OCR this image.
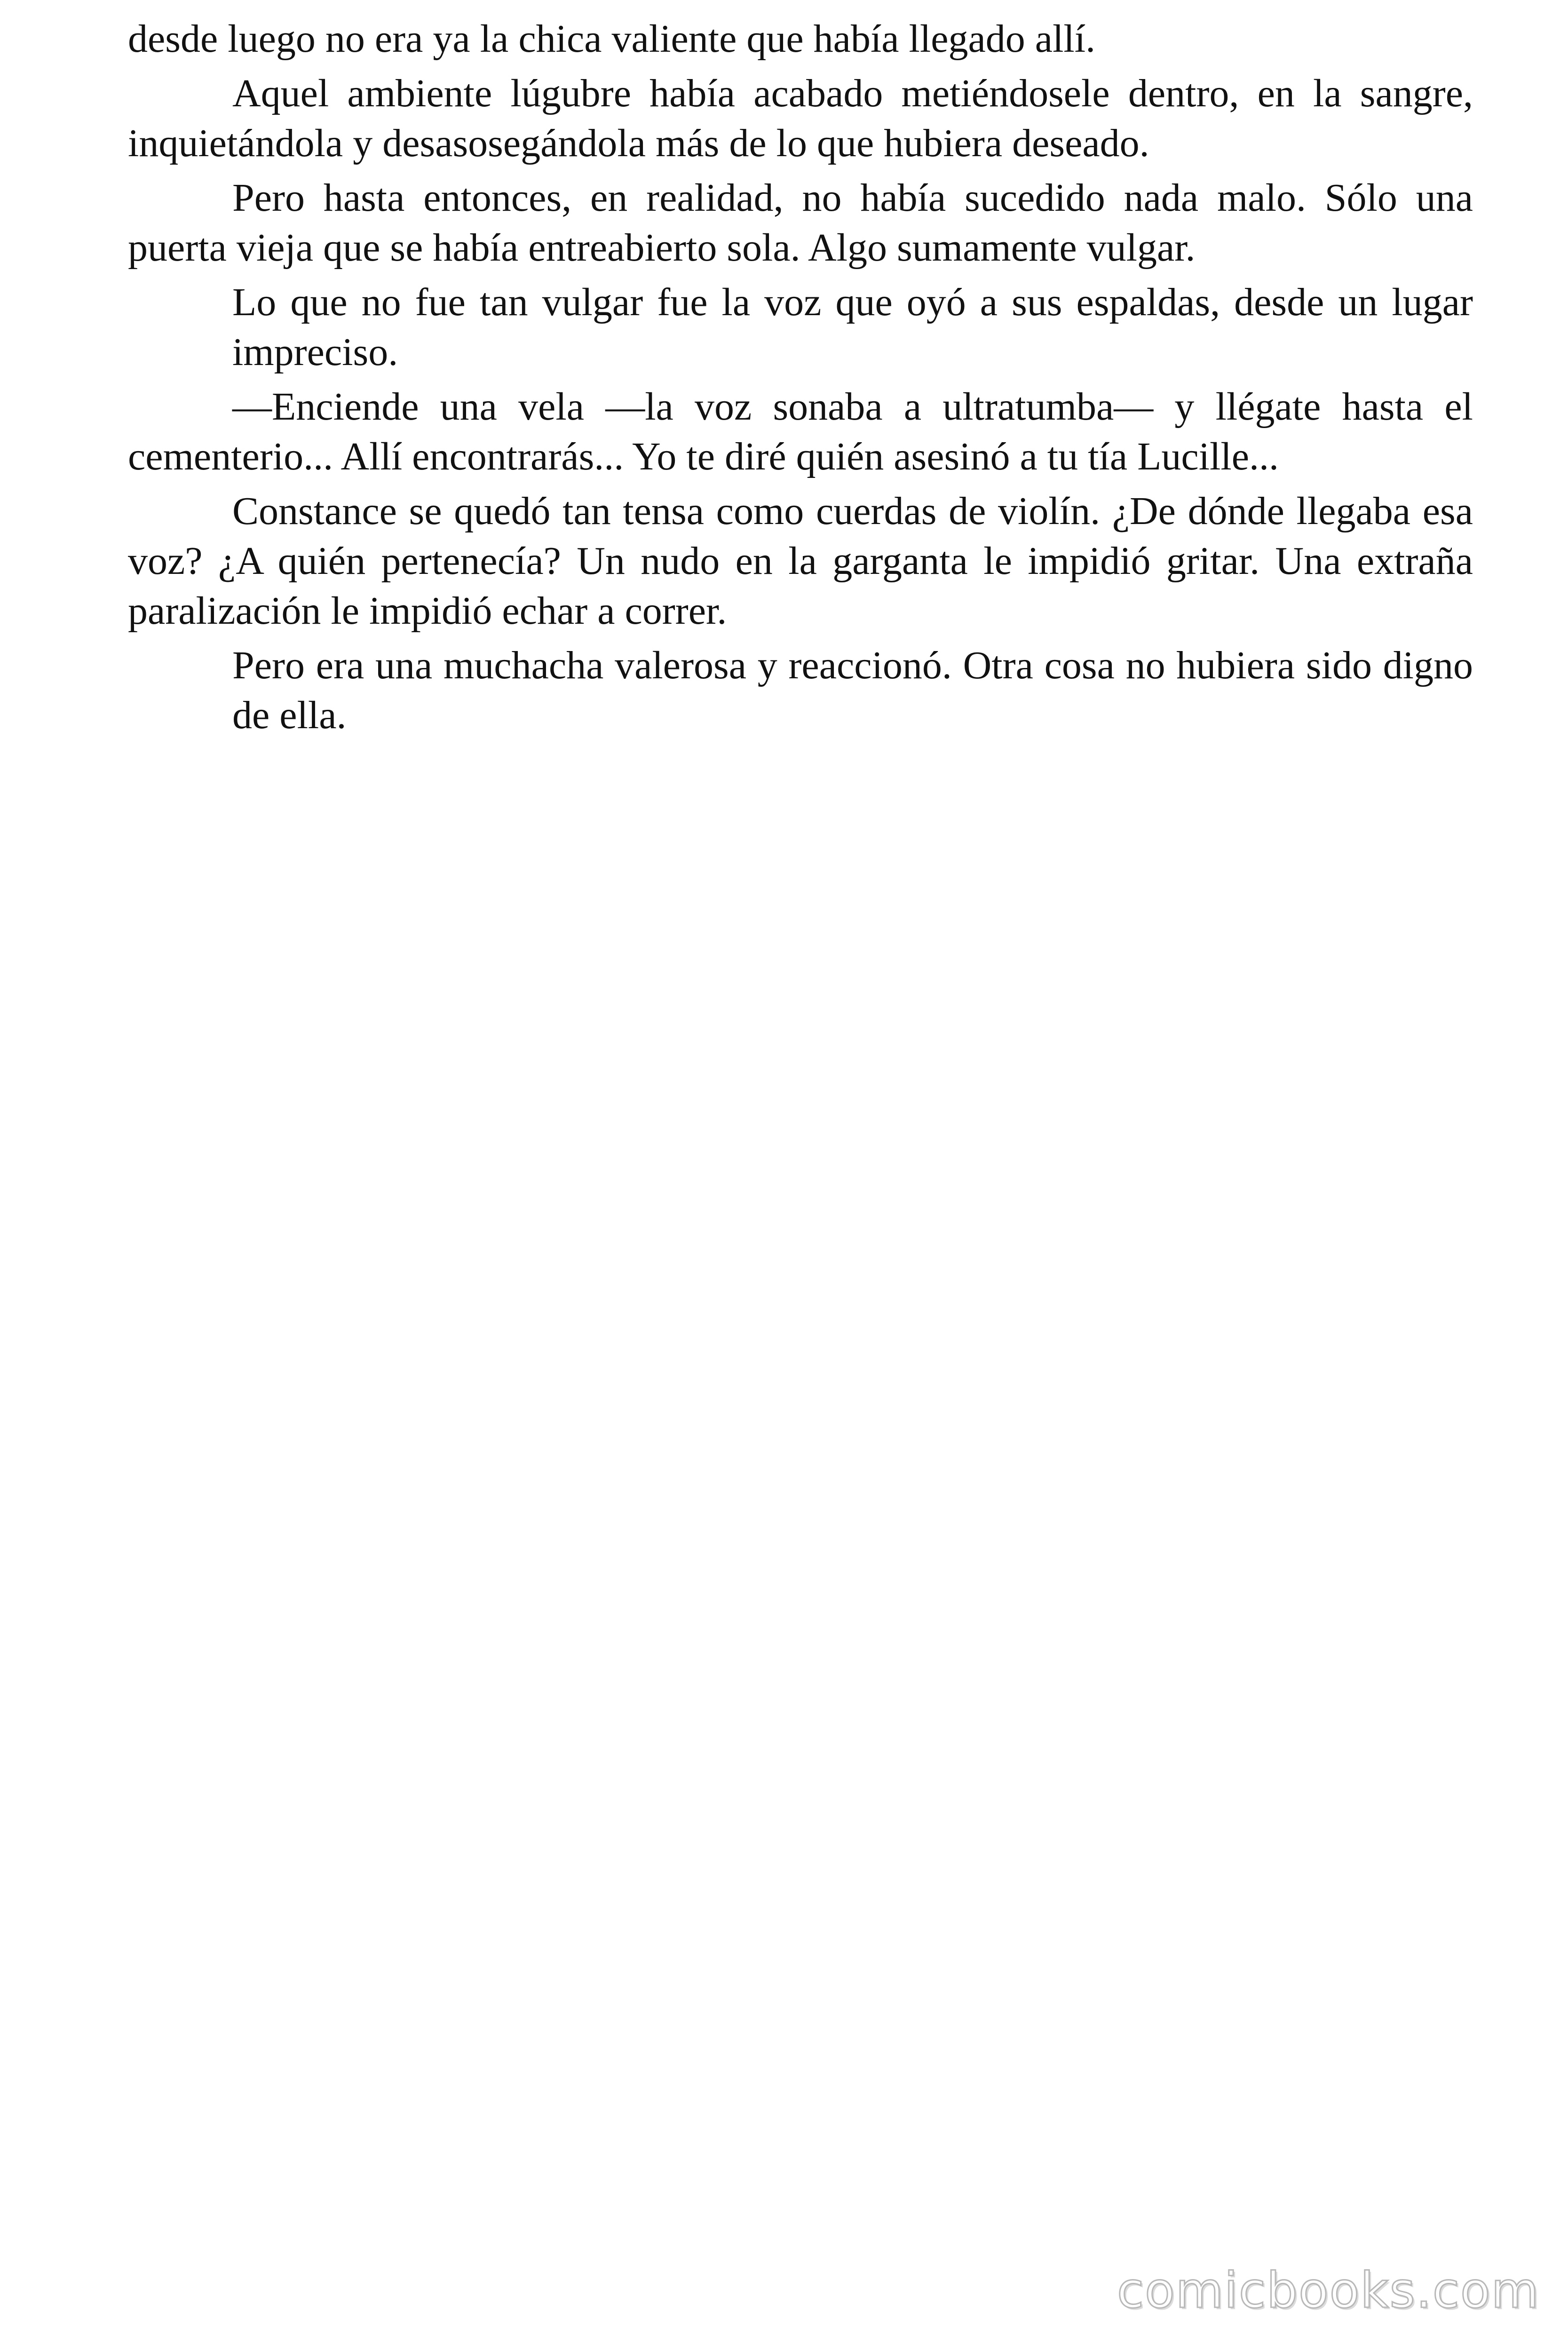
desde luego no era ya la chica valiente que había llegado allí.

Aquel ambiente lúgubre había acabado metiéndosele dentro, en la sangre, inquietándola y desasosegándola más de lo que hubiera deseado.

Pero hasta entonces, en realidad, no había sucedido nada malo. Sólo una puerta vieja que se había entreabierto sola. Algo sumamente vulgar.

Lo que no fue tan vulgar fue la voz que oyó a sus espaldas, desde un lugar impreciso.

—Enciende una vela —la voz sonaba a ultratumba— y llégate hasta el cementerio... Allí encontrarás... Yo te diré quién asesinó a tu tía Lucille...

Constance se quedó tan tensa como cuerdas de violín. ¿De dónde llegaba esa voz? ¿A quién pertenecía? Un nudo en la garganta le impidió gritar. Una extraña paralización le impidió echar a correr.

Pero era una muchacha valerosa y reaccionó. Otra cosa no hubiera sido digno de ella.

comicbooks.com
